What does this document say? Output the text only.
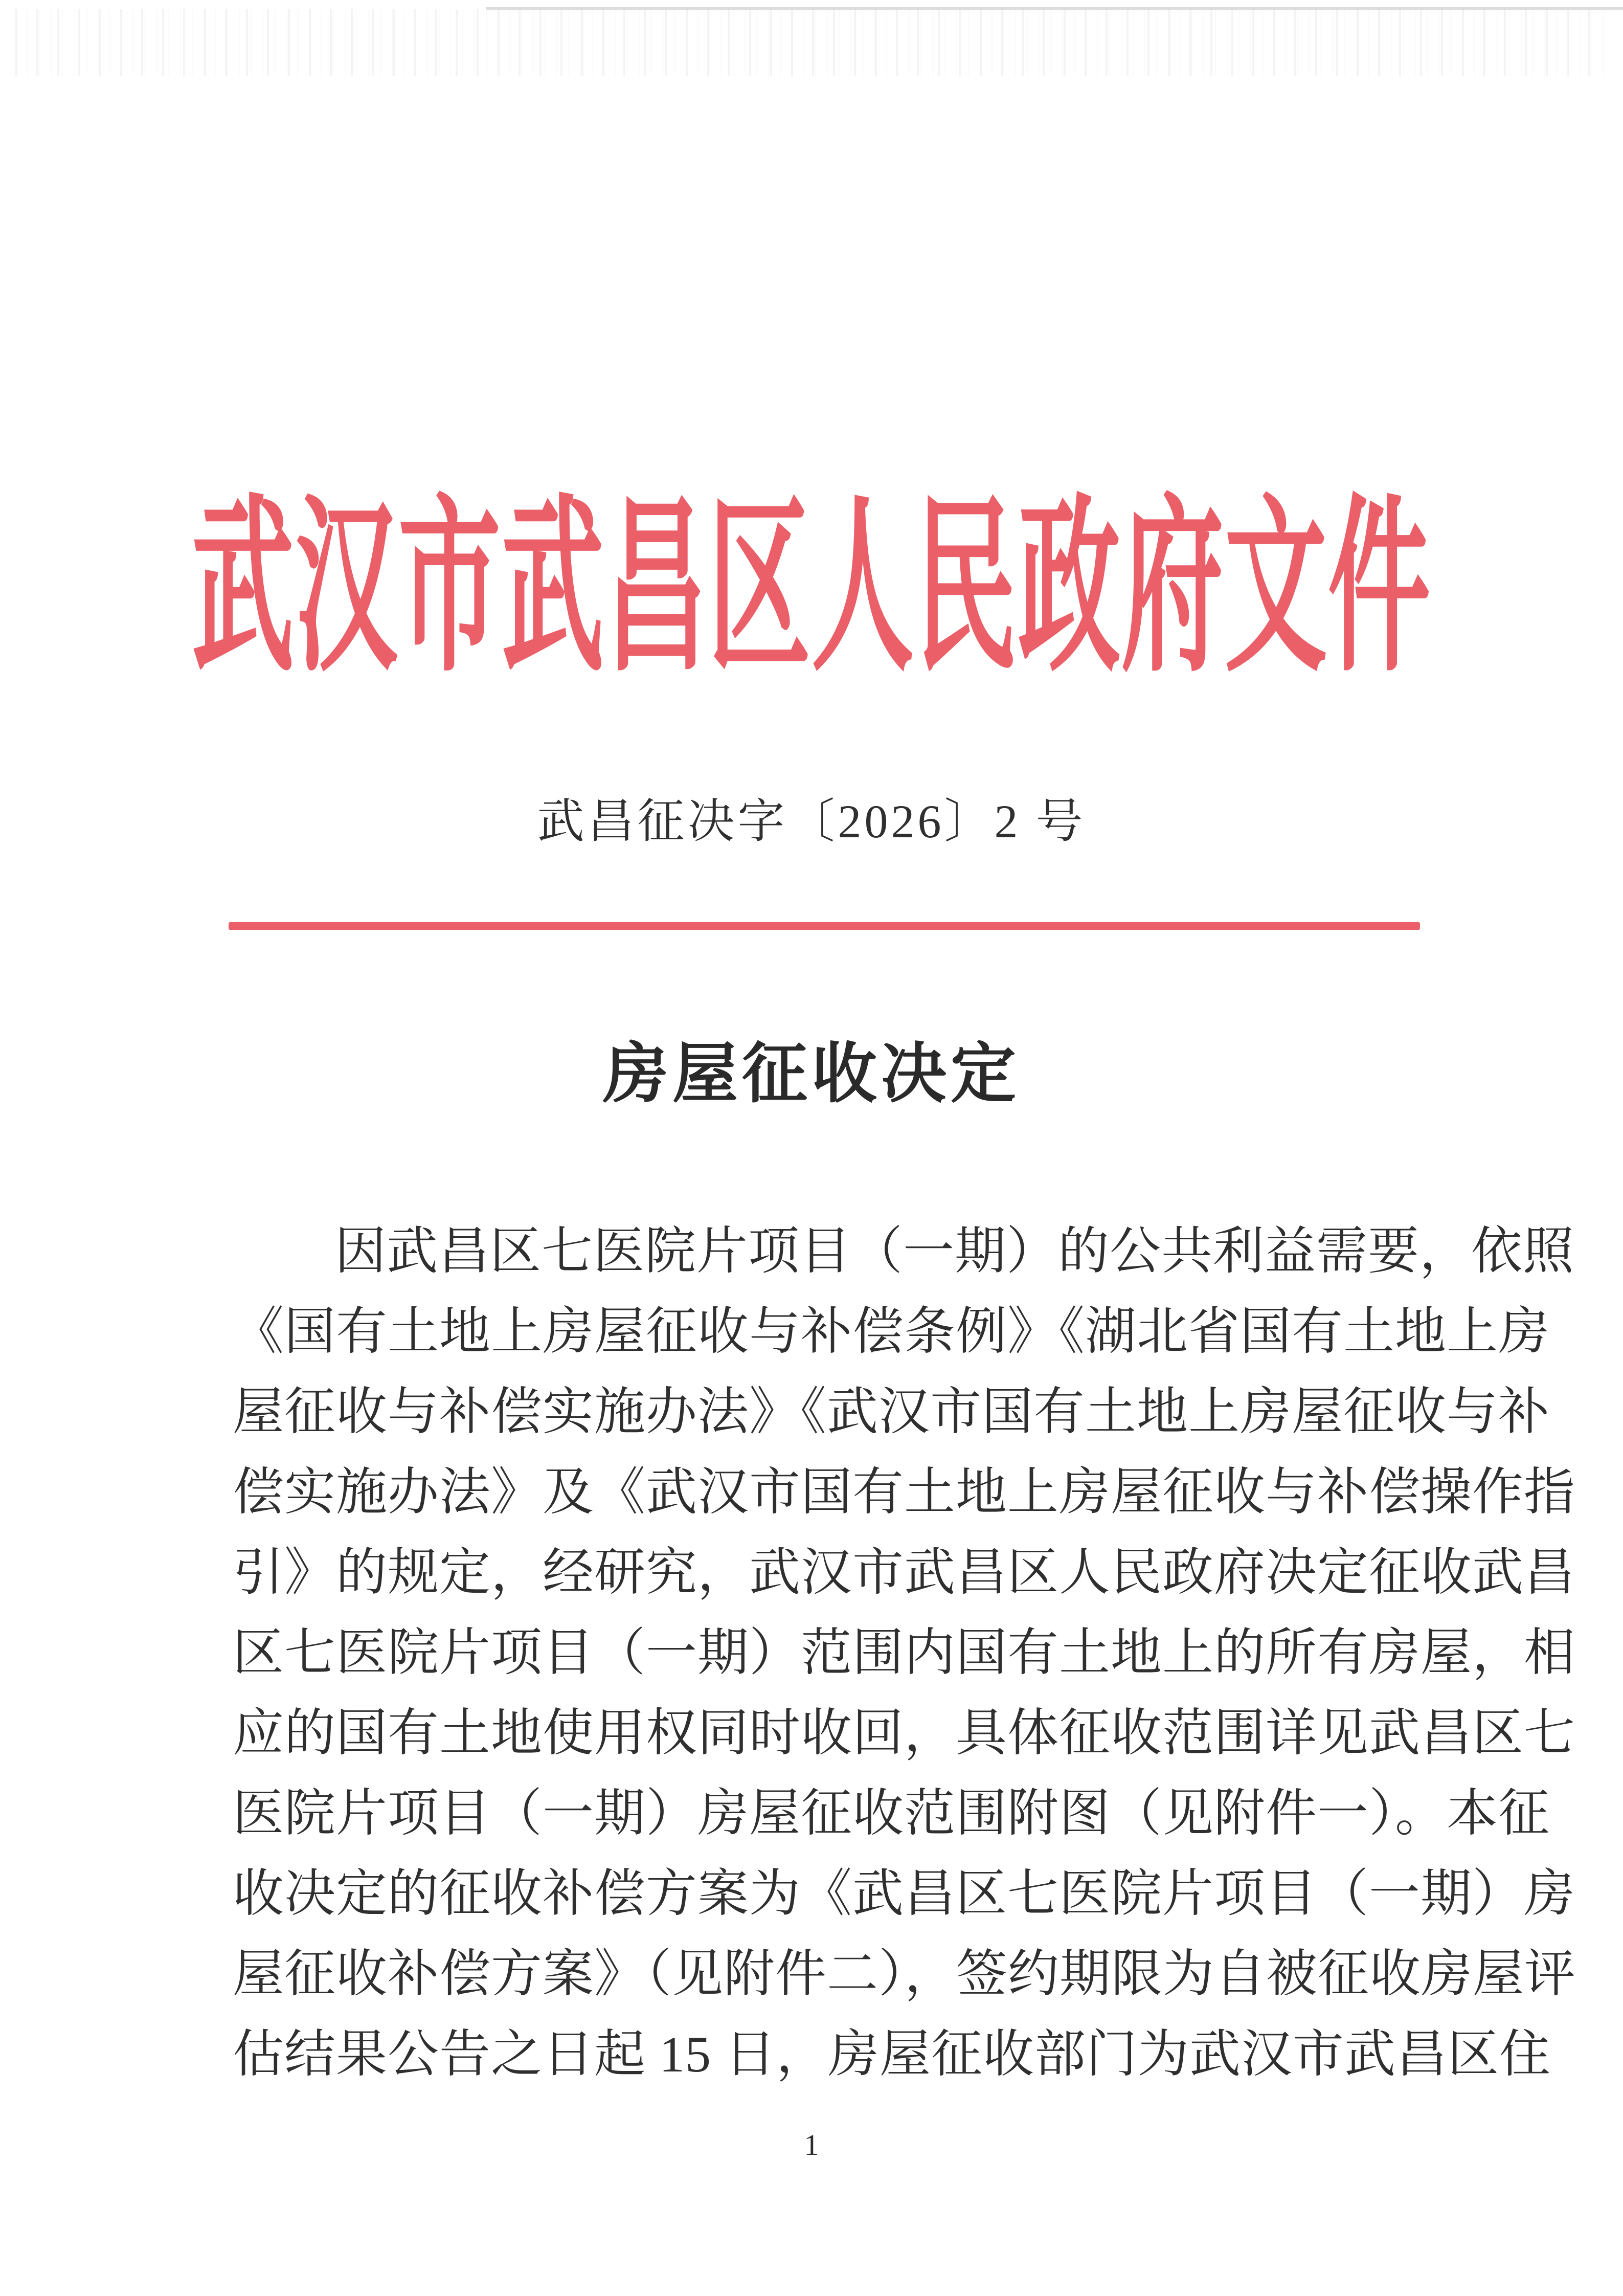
武汉市武昌区人民政府文件
武昌征决字〔2026〕2 号
房屋征收决定
因武昌区七医院片项目（一期）的公共利益需要，依照
《国有土地上房屋征收与补偿条例》《湖北省国有土地上房
屋征收与补偿实施办法》《武汉市国有土地上房屋征收与补
偿实施办法》及《武汉市国有土地上房屋征收与补偿操作指
引》的规定，经研究，武汉市武昌区人民政府决定征收武昌
区七医院片项目（一期）范围内国有土地上的所有房屋，相
应的国有土地使用权同时收回，具体征收范围详见武昌区七
医院片项目（一期）房屋征收范围附图（见附件一）。本征
收决定的征收补偿方案为《武昌区七医院片项目（一期）房
屋征收补偿方案》（见附件二），签约期限为自被征收房屋评
估结果公告之日起 15 日，房屋征收部门为武汉市武昌区住
1
